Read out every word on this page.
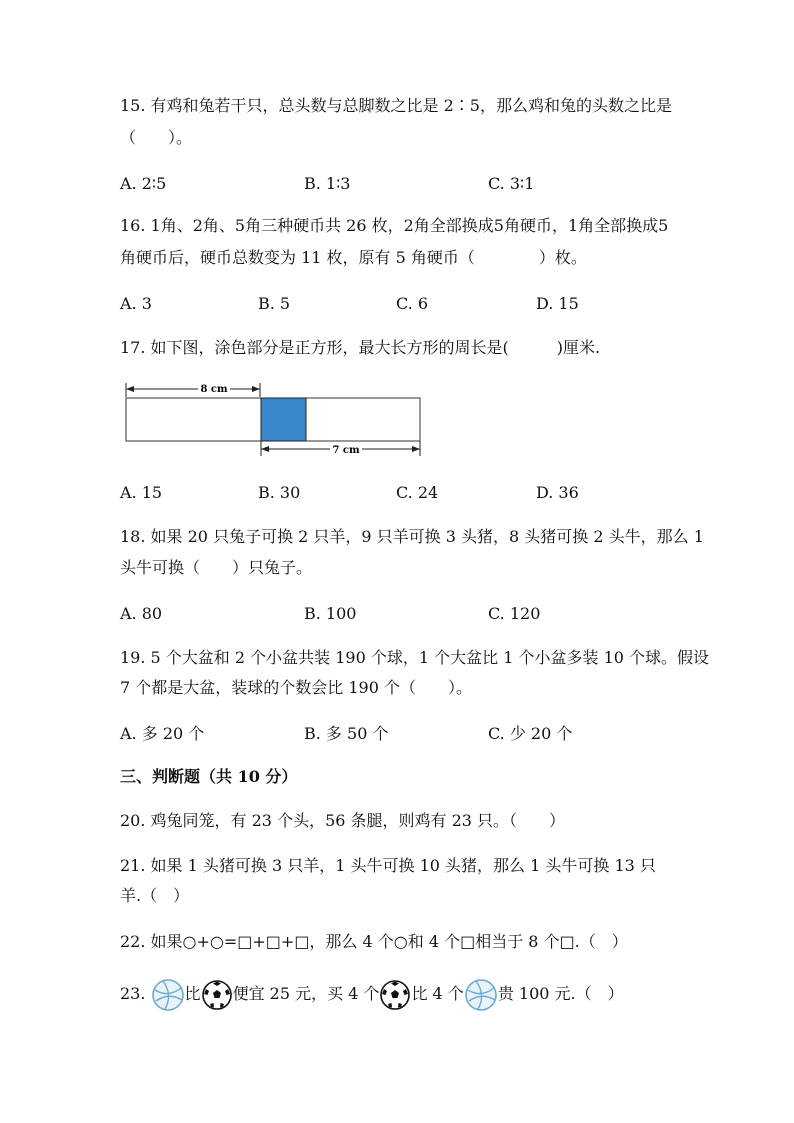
15. 有鸡和兔若干只，总头数与总脚数之比是 2∶5，那么鸡和兔的头数之比是
（　　）。
A. 2∶5	B. 1∶3	C. 3∶1
16. 1角、2角、5角三种硬币共 26 枚，2角全部换成5角硬币，1角全部换成5
角硬币后，硬币总数变为 11 枚，原有 5 角硬币（　　　　）枚。
A. 3	B. 5	C. 6	D. 15
17. 如下图，涂色部分是正方形，最大长方形的周长是(　　　)厘米.
8 cm
7 cm
A. 15	B. 30	C. 24	D. 36
18. 如果 20 只兔子可换 2 只羊，9 只羊可换 3 头猪，8 头猪可换 2 头牛，那么 1
头牛可换（　　）只兔子。
A. 80	B. 100	C. 120
19. 5 个大盆和 2 个小盆共装 190 个球，1 个大盆比 1 个小盆多装 10 个球。假设
7 个都是大盆，装球的个数会比 190 个（　　）。
A. 多 20 个	B. 多 50 个	C. 少 20 个
三、判断题（共 10 分）
20. 鸡兔同笼，有 23 个头，56 条腿，则鸡有 23 只。（　　）
21. 如果 1 头猪可换 3 只羊，1 头牛可换 10 头猪，那么 1 头牛可换 13 只
羊.（　）
22. 如果○+○=□+□+□，那么 4 个○和 4 个□相当于 8 个□.（　）
23. 比 便宜 25 元，买 4 个 比 4 个 贵 100 元.（　）
